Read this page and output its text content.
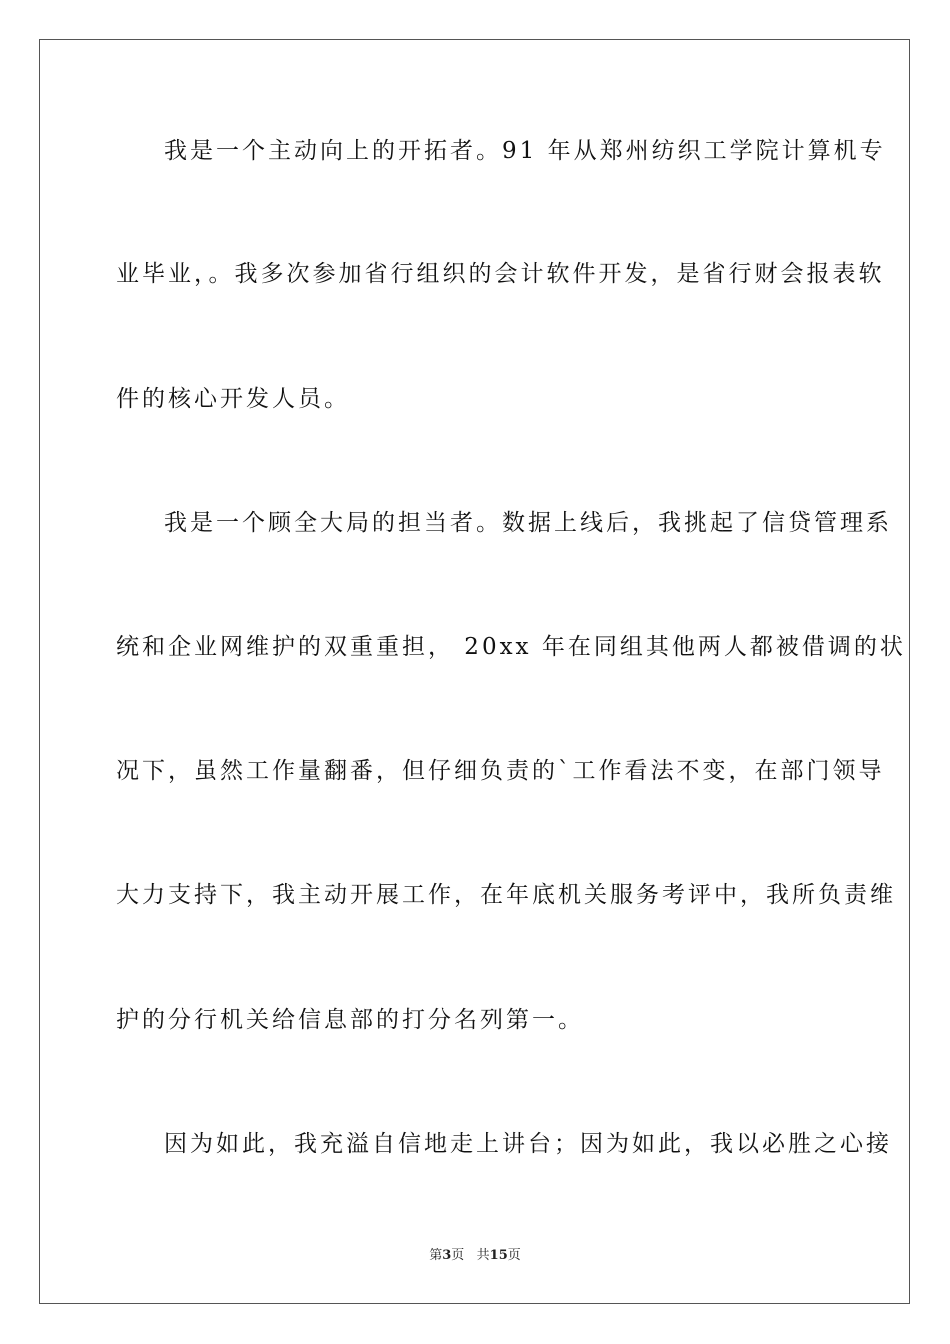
我是一个主动向上的开拓者。91 年从郑州纺织工学院计算机专
业毕业，。我多次参加省行组织的会计软件开发，是省行财会报表软
件的核心开发人员。
我是一个顾全大局的担当者。数据上线后，我挑起了信贷管理系
统和企业网维护的双重重担， 20xx 年在同组其他两人都被借调的状
况下，虽然工作量翻番，但仔细负责的`工作看法不变，在部门领导
大力支持下，我主动开展工作，在年底机关服务考评中，我所负责维
护的分行机关给信息部的打分名列第一。
因为如此，我充溢自信地走上讲台；因为如此，我以必胜之心接
第3页   共15页
